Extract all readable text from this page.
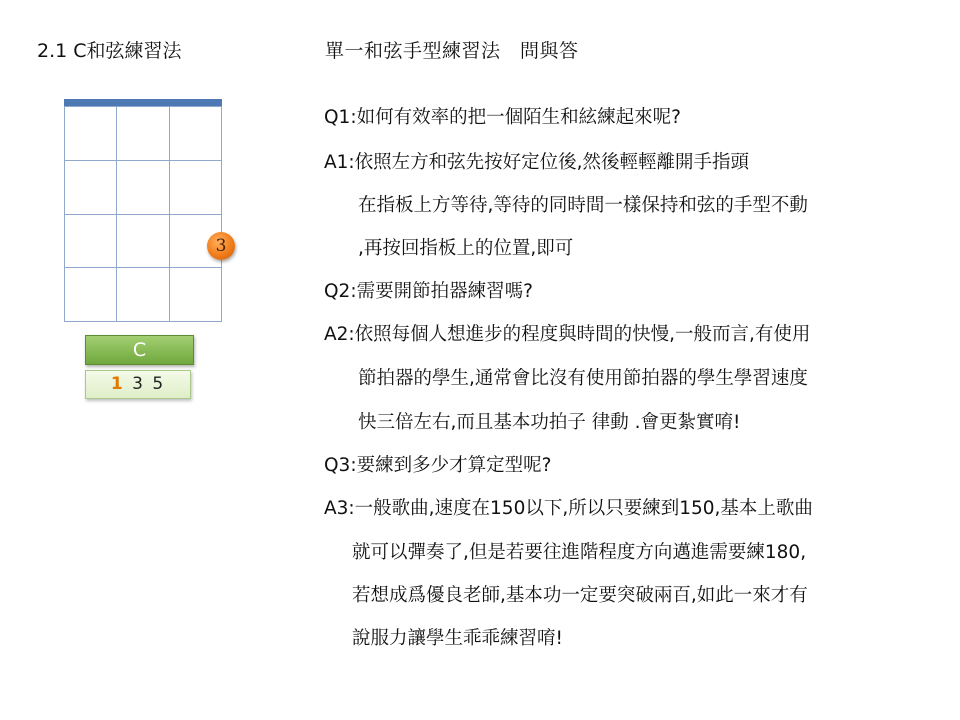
2.1 C和弦練習法	單一和弦手型練習法　問與答
3
C
1 3 5
Q1:如何有效率的把一個陌生和絃練起來呢?
A1:依照左方和弦先按好定位後,然後輕輕離開手指頭
在指板上方等待,等待的同時間一樣保持和弦的手型不動
,再按回指板上的位置,即可
Q2:需要開節拍器練習嗎?
A2:依照每個人想進步的程度與時間的快慢,一般而言,有使用
節拍器的學生,通常會比沒有使用節拍器的學生學習速度
快三倍左右,而且基本功拍子 律動 .會更紮實唷!
Q3:要練到多少才算定型呢?
A3:一般歌曲,速度在150以下,所以只要練到150,基本上歌曲
就可以彈奏了,但是若要往進階程度方向邁進需要練180,
若想成爲優良老師,基本功一定要突破兩百,如此一來才有
說服力讓學生乖乖練習唷!
